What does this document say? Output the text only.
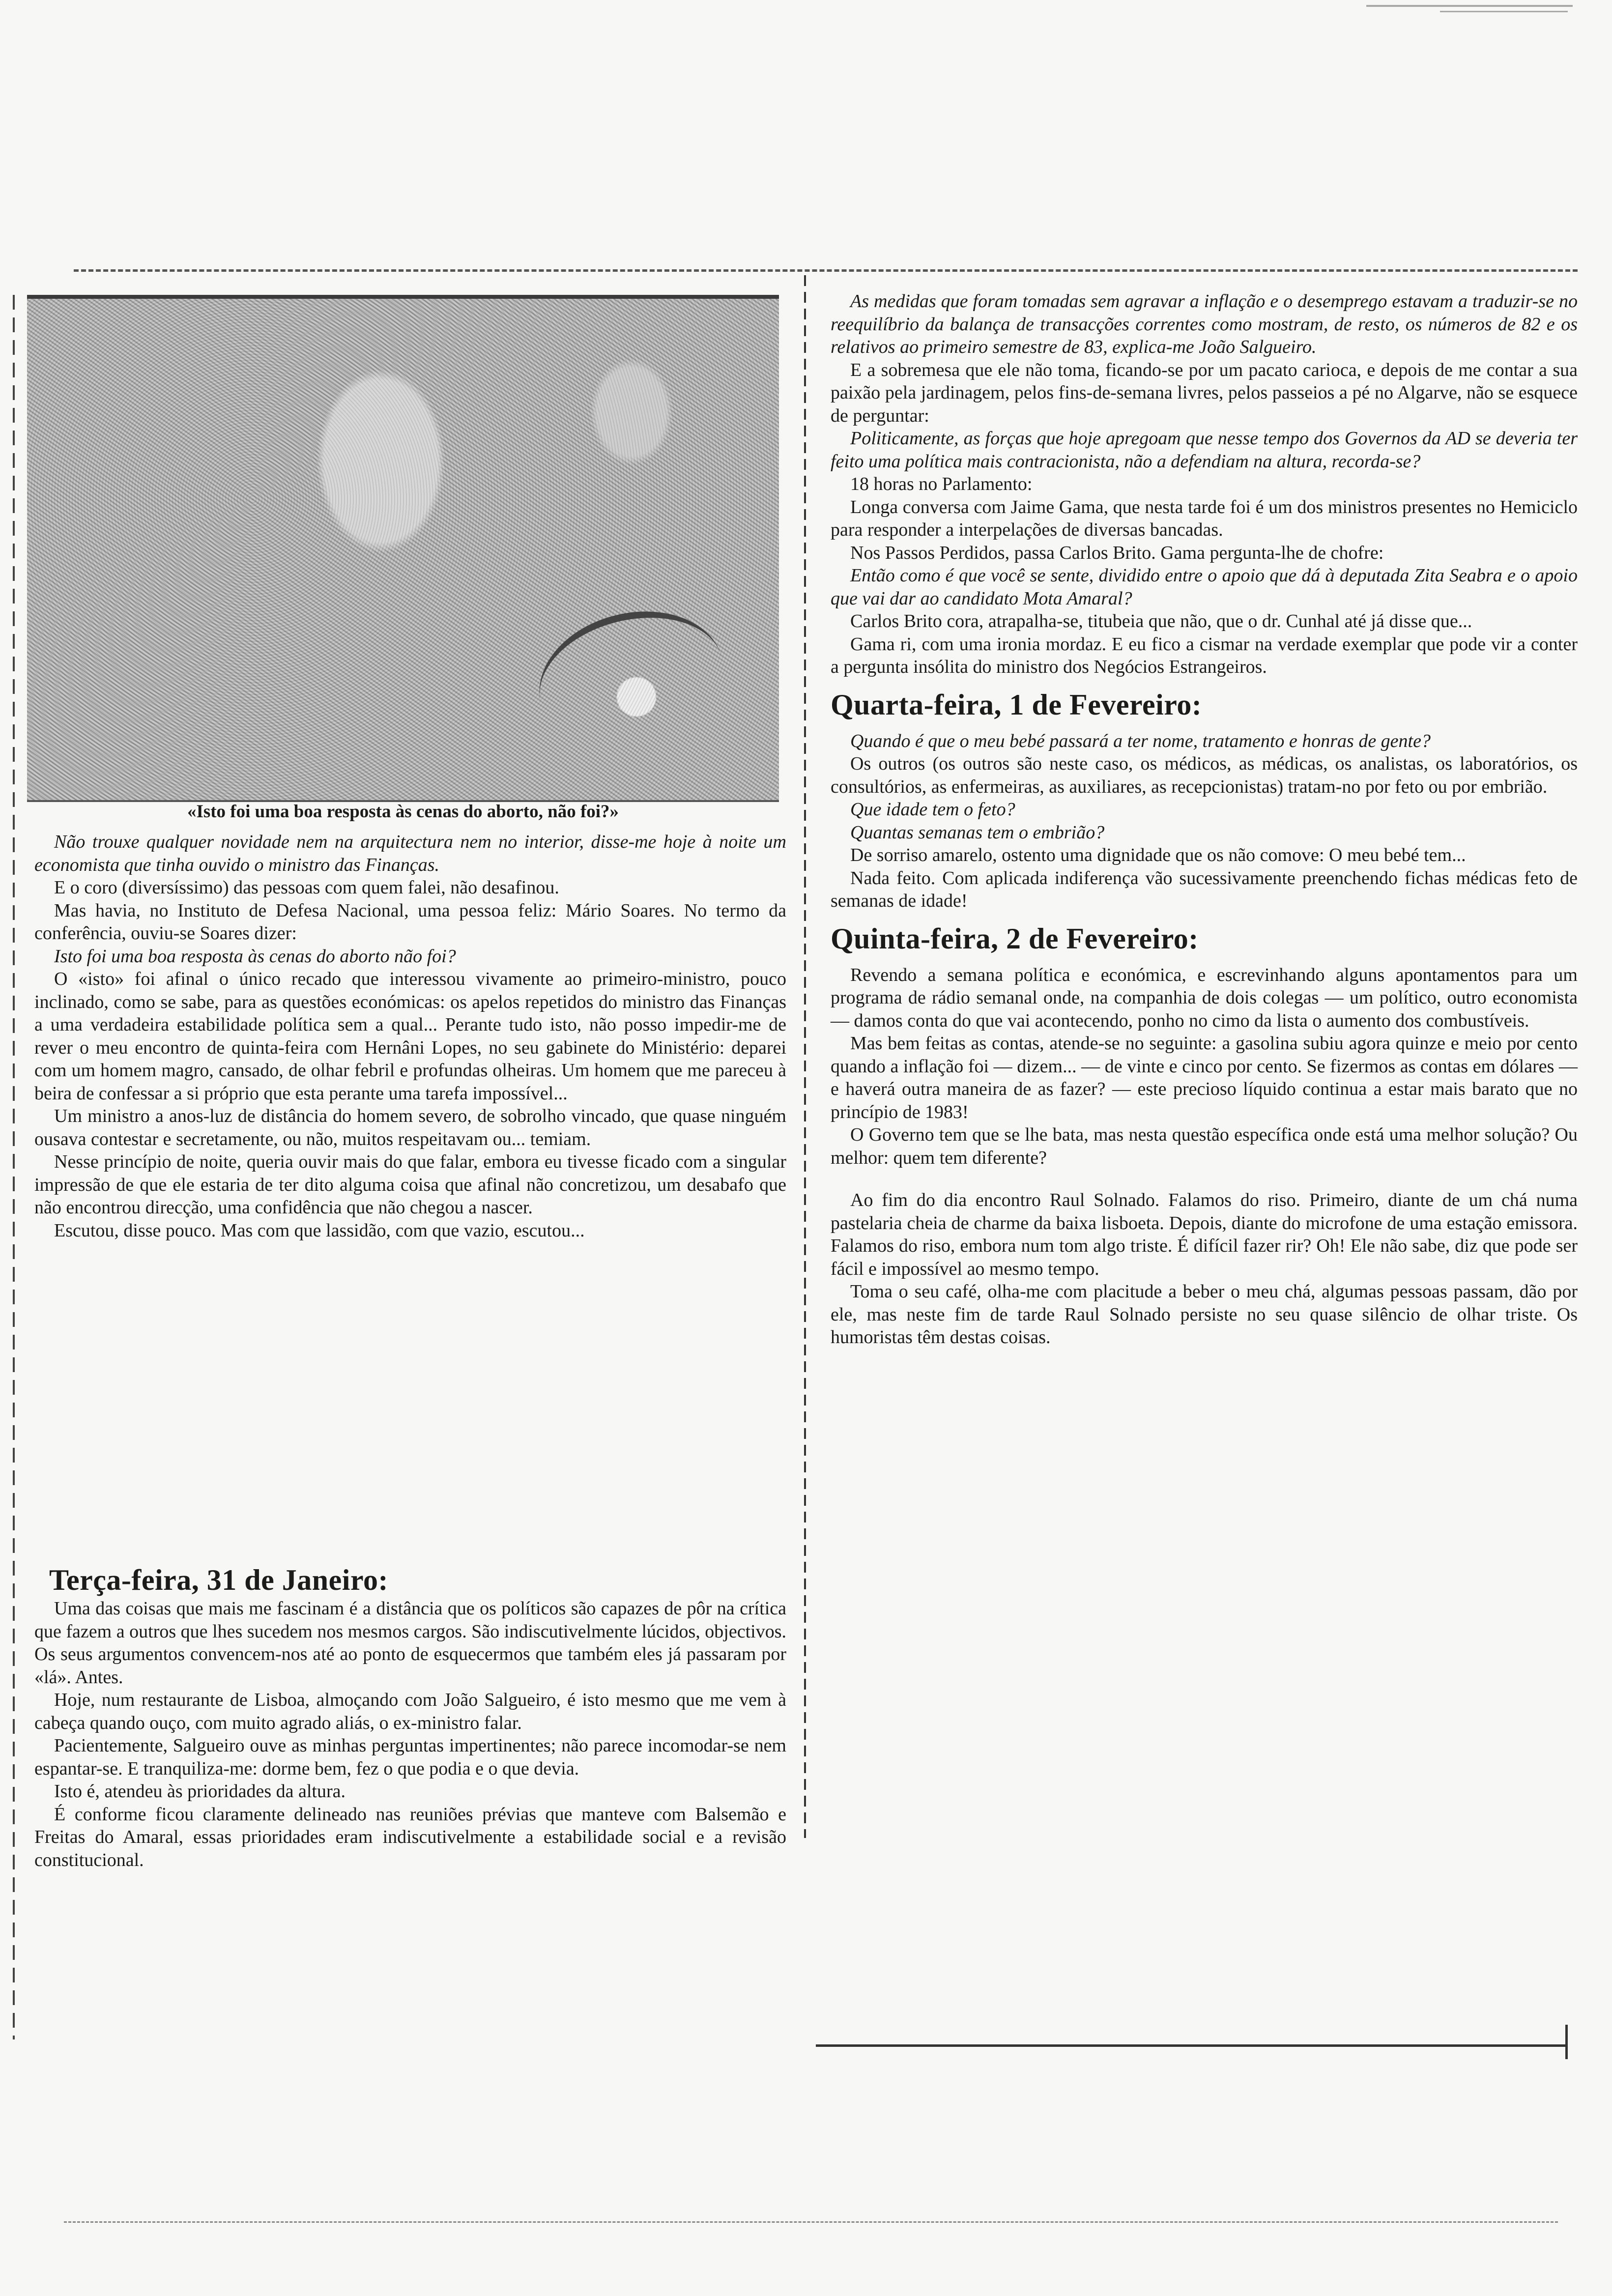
«Isto foi uma boa resposta às cenas do aborto, não foi?»

Não trouxe qualquer novidade nem na arquitectura nem no interior, disse-me hoje à noite um economista que tinha ouvido o ministro das Finanças.

E o coro (diversíssimo) das pessoas com quem falei, não desafinou.

Mas havia, no Instituto de Defesa Nacional, uma pessoa feliz: Mário Soares. No termo da conferência, ouviu-se Soares dizer:

Isto foi uma boa resposta às cenas do aborto não foi?

O «isto» foi afinal o único recado que interessou vivamente ao primeiro-ministro, pouco inclinado, como se sabe, para as questões económicas: os apelos repetidos do ministro das Finanças a uma verdadeira estabilidade política sem a qual... Perante tudo isto, não posso impedir-me de rever o meu encontro de quinta-feira com Hernâni Lopes, no seu gabinete do Ministério: deparei com um homem magro, cansado, de olhar febril e profundas olheiras. Um homem que me pareceu à beira de confessar a si próprio que esta perante uma tarefa impossível...

Um ministro a anos-luz de distância do homem severo, de sobrolho vincado, que quase ninguém ousava contestar e secretamente, ou não, muitos respeitavam ou... temiam.

Nesse princípio de noite, queria ouvir mais do que falar, embora eu tivesse ficado com a singular impressão de que ele estaria de ter dito alguma coisa que afinal não concretizou, um desabafo que não encontrou direcção, uma confidência que não chegou a nascer.

Escutou, disse pouco. Mas com que lassidão, com que vazio, escutou...

Terça-feira, 31 de Janeiro:

Uma das coisas que mais me fascinam é a distância que os políticos são capazes de pôr na crítica que fazem a outros que lhes sucedem nos mesmos cargos. São indiscutivelmente lúcidos, objectivos. Os seus argumentos convencem-nos até ao ponto de esquecermos que também eles já passaram por «lá». Antes.

Hoje, num restaurante de Lisboa, almoçando com João Salgueiro, é isto mesmo que me vem à cabeça quando ouço, com muito agrado aliás, o ex-ministro falar.

Pacientemente, Salgueiro ouve as minhas perguntas impertinentes; não parece incomodar-se nem espantar-se. E tranquiliza-me: dorme bem, fez o que podia e o que devia.

Isto é, atendeu às prioridades da altura.

É conforme ficou claramente delineado nas reuniões prévias que manteve com Balsemão e Freitas do Amaral, essas prioridades eram indiscutivelmente a estabilidade social e a revisão constitucional.

As medidas que foram tomadas sem agravar a inflação e o desemprego estavam a traduzir-se no reequilíbrio da balança de transacções correntes como mostram, de resto, os números de 82 e os relativos ao primeiro semestre de 83, explica-me João Salgueiro.

E a sobremesa que ele não toma, ficando-se por um pacato carioca, e depois de me contar a sua paixão pela jardinagem, pelos fins-de-semana livres, pelos passeios a pé no Algarve, não se esquece de perguntar:

Politicamente, as forças que hoje apregoam que nesse tempo dos Governos da AD se deveria ter feito uma política mais contracionista, não a defendiam na altura, recorda-se?

18 horas no Parlamento:

Longa conversa com Jaime Gama, que nesta tarde foi é um dos ministros presentes no Hemiciclo para responder a interpelações de diversas bancadas.

Nos Passos Perdidos, passa Carlos Brito. Gama pergunta-lhe de chofre:

Então como é que você se sente, dividido entre o apoio que dá à deputada Zita Seabra e o apoio que vai dar ao candidato Mota Amaral?

Carlos Brito cora, atrapalha-se, titubeia que não, que o dr. Cunhal até já disse que...

Gama ri, com uma ironia mordaz. E eu fico a cismar na verdade exemplar que pode vir a conter a pergunta insólita do ministro dos Negócios Estrangeiros.

Quarta-feira, 1 de Fevereiro:

Quando é que o meu bebé passará a ter nome, tratamento e honras de gente?

Os outros (os outros são neste caso, os médicos, as médicas, os analistas, os laboratórios, os consultórios, as enfermeiras, as auxiliares, as recepcionistas) tratam-no por feto ou por embrião.

Que idade tem o feto?

Quantas semanas tem o embrião?

De sorriso amarelo, ostento uma dignidade que os não comove: O meu bebé tem...

Nada feito. Com aplicada indiferença vão sucessivamente preenchendo fichas médicas feto de semanas de idade!

Quinta-feira, 2 de Fevereiro:

Revendo a semana política e económica, e escrevinhando alguns apontamentos para um programa de rádio semanal onde, na companhia de dois colegas — um político, outro economista — damos conta do que vai acontecendo, ponho no cimo da lista o aumento dos combustíveis.

Mas bem feitas as contas, atende-se no seguinte: a gasolina subiu agora quinze e meio por cento quando a inflação foi — dizem... — de vinte e cinco por cento. Se fizermos as contas em dólares — e haverá outra maneira de as fazer? — este precioso líquido continua a estar mais barato que no princípio de 1983!

O Governo tem que se lhe bata, mas nesta questão específica onde está uma melhor solução? Ou melhor: quem tem diferente?

Ao fim do dia encontro Raul Solnado. Falamos do riso. Primeiro, diante de um chá numa pastelaria cheia de charme da baixa lisboeta. Depois, diante do microfone de uma estação emissora. Falamos do riso, embora num tom algo triste. É difícil fazer rir? Oh! Ele não sabe, diz que pode ser fácil e impossível ao mesmo tempo.

Toma o seu café, olha-me com placitude a beber o meu chá, algumas pessoas passam, dão por ele, mas neste fim de tarde Raul Solnado persiste no seu quase silêncio de olhar triste. Os humoristas têm destas coisas.
